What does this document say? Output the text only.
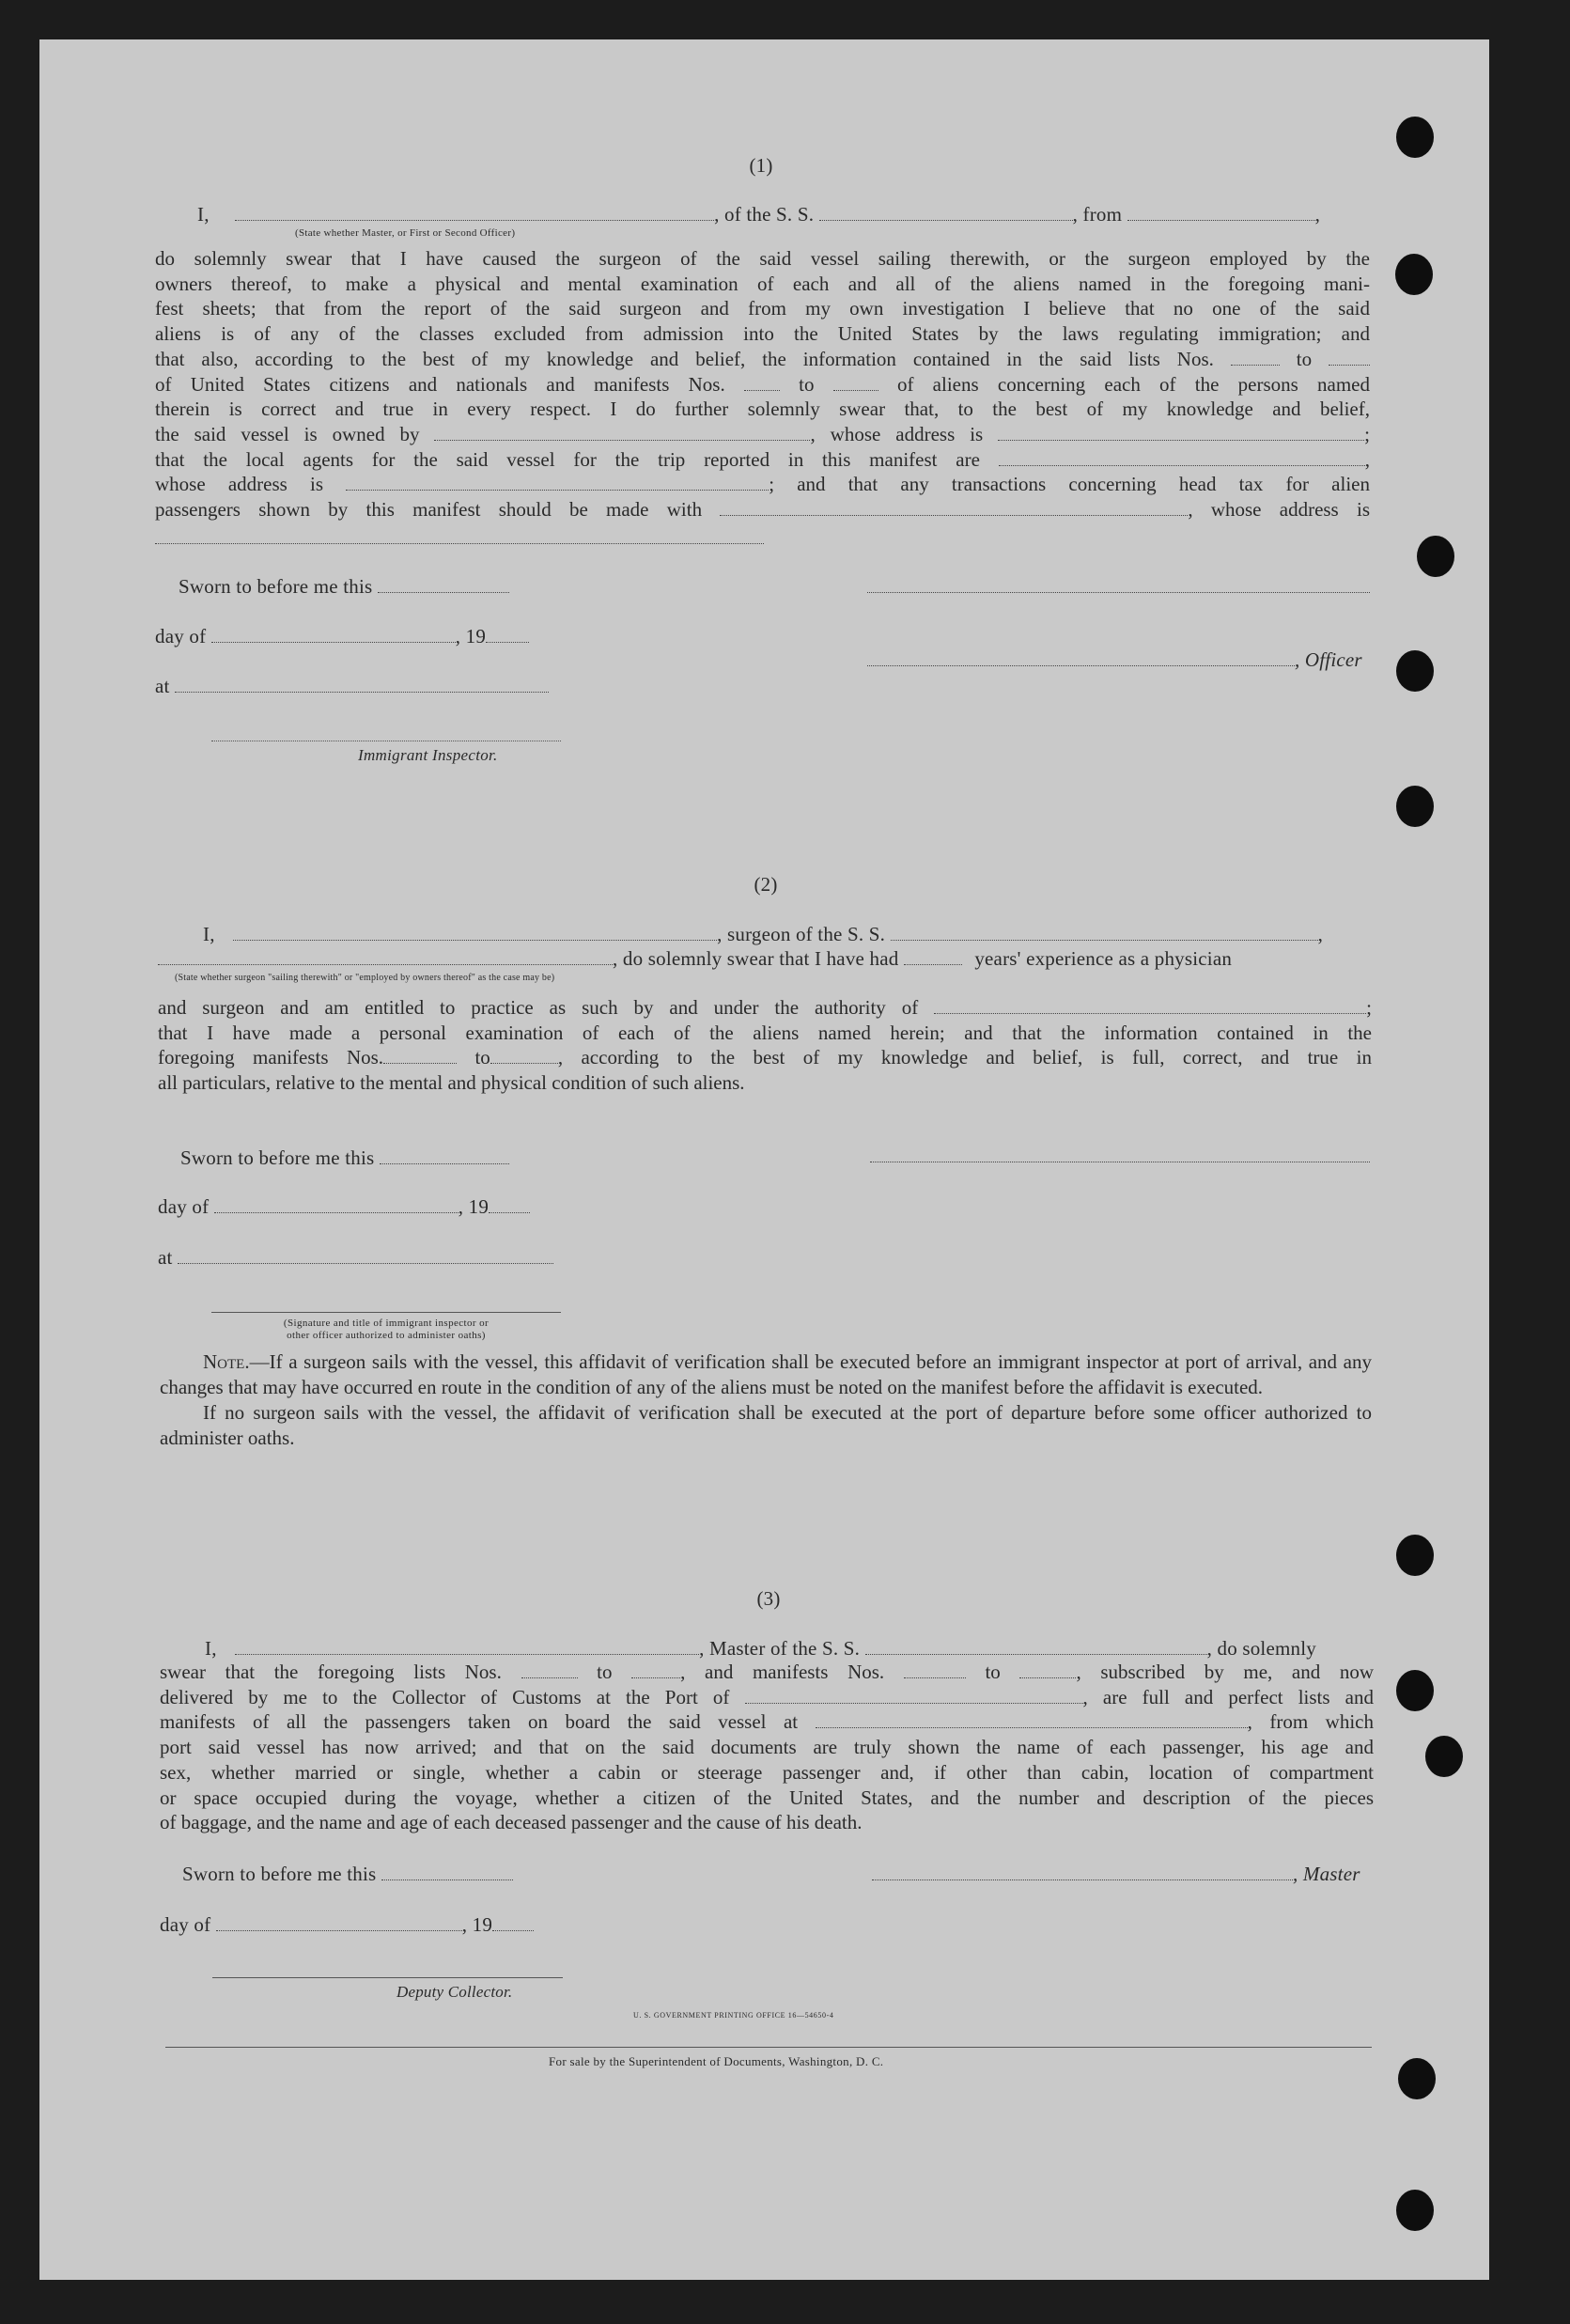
(1)
I,	, of the S. S.	, from	,
(State whether Master, or First or Second Officer)
do solemnly swear that I have caused the surgeon of the said vessel sailing therewith, or the surgeon employed by the
owners thereof, to make a physical and mental examination of each and all of the aliens named in the foregoing mani-
fest sheets; that from the report of the said surgeon and from my own investigation I believe that no one of the said
aliens is of any of the classes excluded from admission into the United States by the laws regulating immigration; and
that also, according to the best of my knowledge and belief, the information contained in the said lists Nos.	to
of United States citizens and nationals and manifests Nos.	to	of aliens concerning each of the persons named
therein is correct and true in every respect. I do further solemnly swear that, to the best of my knowledge and belief,
the said vessel is owned by	, whose address is	;
that the local agents for the said vessel for the trip reported in this manifest are	,
whose address is	; and that any transactions concerning head tax for alien
passengers shown by this manifest should be made with	, whose address is
Sworn to before me this
day of	, 19
, Officer
at
Immigrant Inspector.
(2)
I,	, surgeon of the S. S.	,
, do solemnly swear that I have had	years' experience as a physician
(State whether surgeon "sailing therewith" or "employed by owners thereof" as the case may be)
and surgeon and am entitled to practice as such by and under the authority of	;
that I have made a personal examination of each of the aliens named herein; and that the information contained in the
foregoing manifests Nos.	to	, according to the best of my knowledge and belief, is full, correct, and true in
all particulars, relative to the mental and physical condition of such aliens.
Sworn to before me this
day of	, 19
at
(Signature and title of immigrant inspector or
other officer authorized to administer oaths)

Note.—If a surgeon sails with the vessel, this affidavit of verification shall be executed before an immigrant inspector at port of arrival, and any changes that may have occurred en route in the condition of any of the aliens must be noted on the manifest before the affidavit is executed.

If no surgeon sails with the vessel, the affidavit of verification shall be executed at the port of departure before some officer authorized to administer oaths.

(3)
I,	, Master of the S. S.	, do solemnly
swear that the foregoing lists Nos.	to	, and manifests Nos.	to	, subscribed by me, and now
delivered by me to the Collector of Customs at the Port of	, are full and perfect lists and
manifests of all the passengers taken on board the said vessel at	, from which
port said vessel has now arrived; and that on the said documents are truly shown the name of each passenger, his age and
sex, whether married or single, whether a cabin or steerage passenger and, if other than cabin, location of compartment
or space occupied during the voyage, whether a citizen of the United States, and the number and description of the pieces
of baggage, and the name and age of each deceased passenger and the cause of his death.
Sworn to before me this	, Master
day of	, 19
Deputy Collector.
U. S. GOVERNMENT PRINTING OFFICE 16—54650-4
For sale by the Superintendent of Documents, Washington, D. C.
